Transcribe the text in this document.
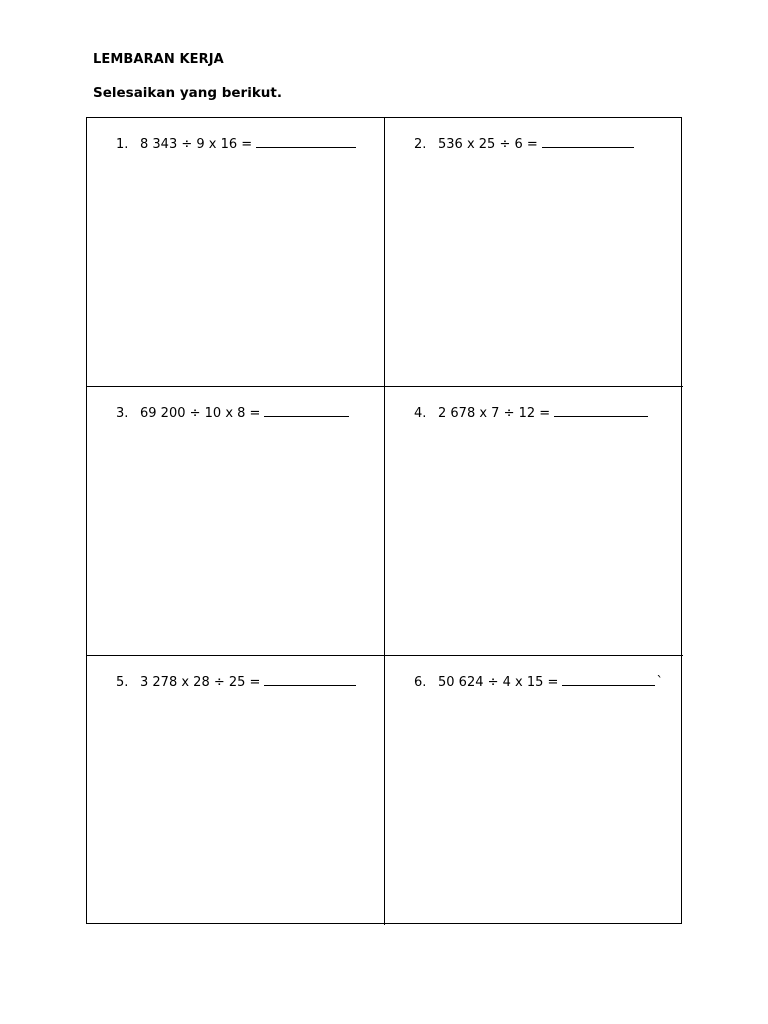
LEMBARAN KERJA
Selesaikan yang berikut.
1. 8 343 ÷ 9 x 16 =	2. 536 x 25 ÷ 6 =
3. 69 200 ÷ 10 x 8 =	4. 2 678 x 7 ÷ 12 =
5. 3 278 x 28 ÷ 25 =	6. 50 624 ÷ 4 x 15 =	`
